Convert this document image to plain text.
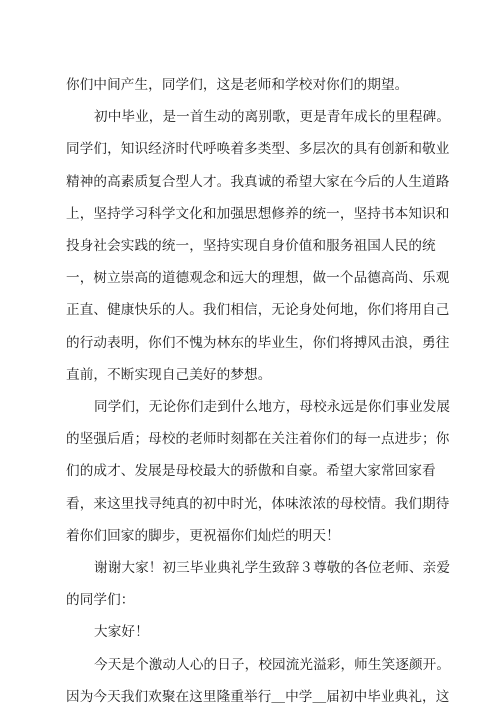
你们中间产生，同学们，这是老师和学校对你们的期望。
初中毕业，是一首生动的离别歌，更是青年成长的里程碑。
同学们，知识经济时代呼唤着多类型、多层次的具有创新和敬业
精神的高素质复合型人才。我真诚的希望大家在今后的人生道路
上，坚持学习科学文化和加强思想修养的统一，坚持书本知识和
投身社会实践的统一，坚持实现自身价值和服务祖国人民的统
一，树立崇高的道德观念和远大的理想，做一个品德高尚、乐观
正直、健康快乐的人。我们相信，无论身处何地，你们将用自己
的行动表明，你们不愧为林东的毕业生，你们将搏风击浪，勇往
直前，不断实现自己美好的梦想。
同学们，无论你们走到什么地方，母校永远是你们事业发展
的坚强后盾；母校的老师时刻都在关注着你们的每一点进步；你
们的成才、发展是母校最大的骄傲和自豪。希望大家常回家看
看，来这里找寻纯真的初中时光，体味浓浓的母校情。我们期待
着你们回家的脚步，更祝福你们灿烂的明天！
谢谢大家！初三毕业典礼学生致辞３尊敬的各位老师、亲爱
的同学们：
大家好！
今天是个激动人心的日子，校园流光溢彩，师生笑逐颜开。
因为今天我们欢聚在这里隆重举行＿中学＿届初中毕业典礼，这
